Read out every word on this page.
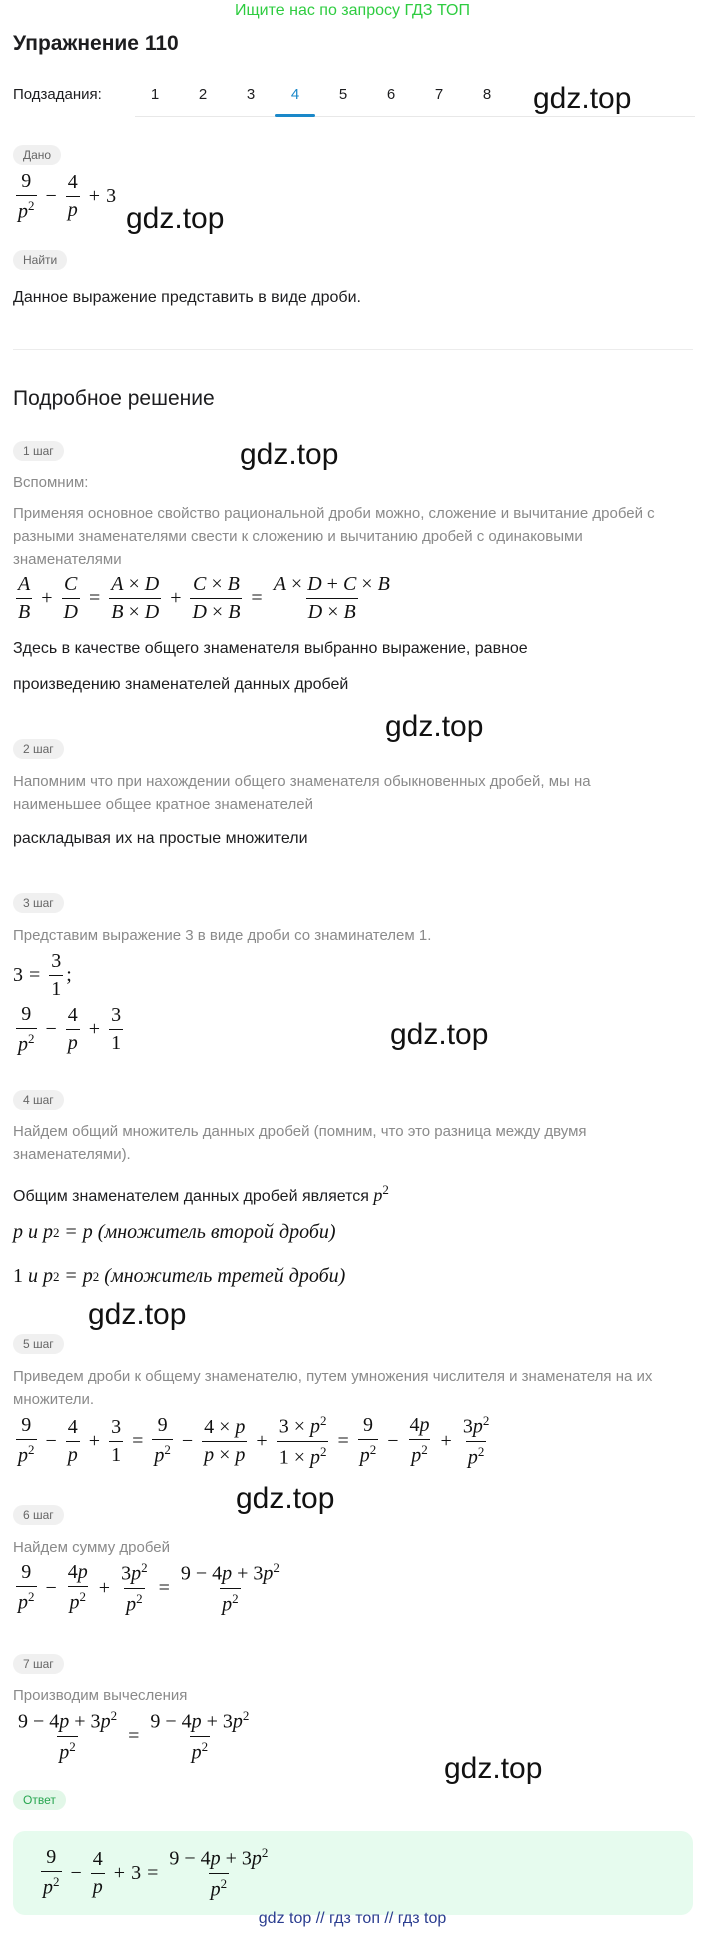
Ищите нас по запросу ГДЗ ТОП
Упражнение 110
Подзадания:	1	2	3	4	5	6	7	8	gdz.top
Дано
$\frac{9}{p^2} - \frac{4}{p} + 3$
gdz.top
Найти
Данное выражение представить в виде дроби.
Подробное решение
1 шаг	gdz.top
Вспомним:
Применяя основное свойство рациональной дроби можно, сложение и вычитание дробей с разными знаменателями свести к сложению и вычитанию дробей с одинаковыми знаменателями
$\frac{A}{B} + \frac{C}{D} = \frac{A \times D}{B \times D} + \frac{C \times B}{D \times B} = \frac{A \times D + C \times B}{D \times B}$
Здесь в качестве общего знаменателя выбранно выражение, равное
произведению знаменателей данных дробей
gdz.top
2 шаг
Напомним что при нахождении общего знаменателя обыкновенных дробей, мы на наименьшее общее кратное знаменателей
раскладывая их на простые множители
3 шаг
Представим выражение 3 в виде дроби со знаминателем 1.
$3 = \frac{3}{1}$ ;
$\frac{9}{p^2} - \frac{4}{p} + \frac{3}{1}$	gdz.top
4 шаг
Найдем общий множитель данных дробей (помним, что это разница между двумя знаменателями).
Общим знаменателем данных дробей является $p^2$
p
и
p 2 = p
(множитель второй дроби)
1
и
p 2 = p 2
(множитель третей дроби)
gdz.top
5 шаг
Приведем дроби к общему знаменателю, путем умножения числителя и знаменателя на их множители.
$\frac{9}{p^2} - \frac{4}{p} + \frac{3}{1} = \frac{9}{p^2} - \frac{4 \times p}{p \times p} + \frac{3 \times p^2}{1 \times p^2} = \frac{9}{p^2} - \frac{4p}{p^2} + \frac{3p^2}{p^2}$
gdz.top
6 шаг
Найдем сумму дробей
$\frac{9}{p^2} - \frac{4p}{p^2} + \frac{3p^2}{p^2} = \frac{9 - 4p + 3p^2}{p^2}$
7 шаг
Производим вычесления
$\frac{9 - 4p + 3p^2}{p^2} = \frac{9 - 4p + 3p^2}{p^2}$
gdz.top
Ответ
$\frac{9}{p^2} - \frac{4}{p} + 3 = \frac{9 - 4p + 3p^2}{p^2}$
gdz top // гдз топ // гдз top
